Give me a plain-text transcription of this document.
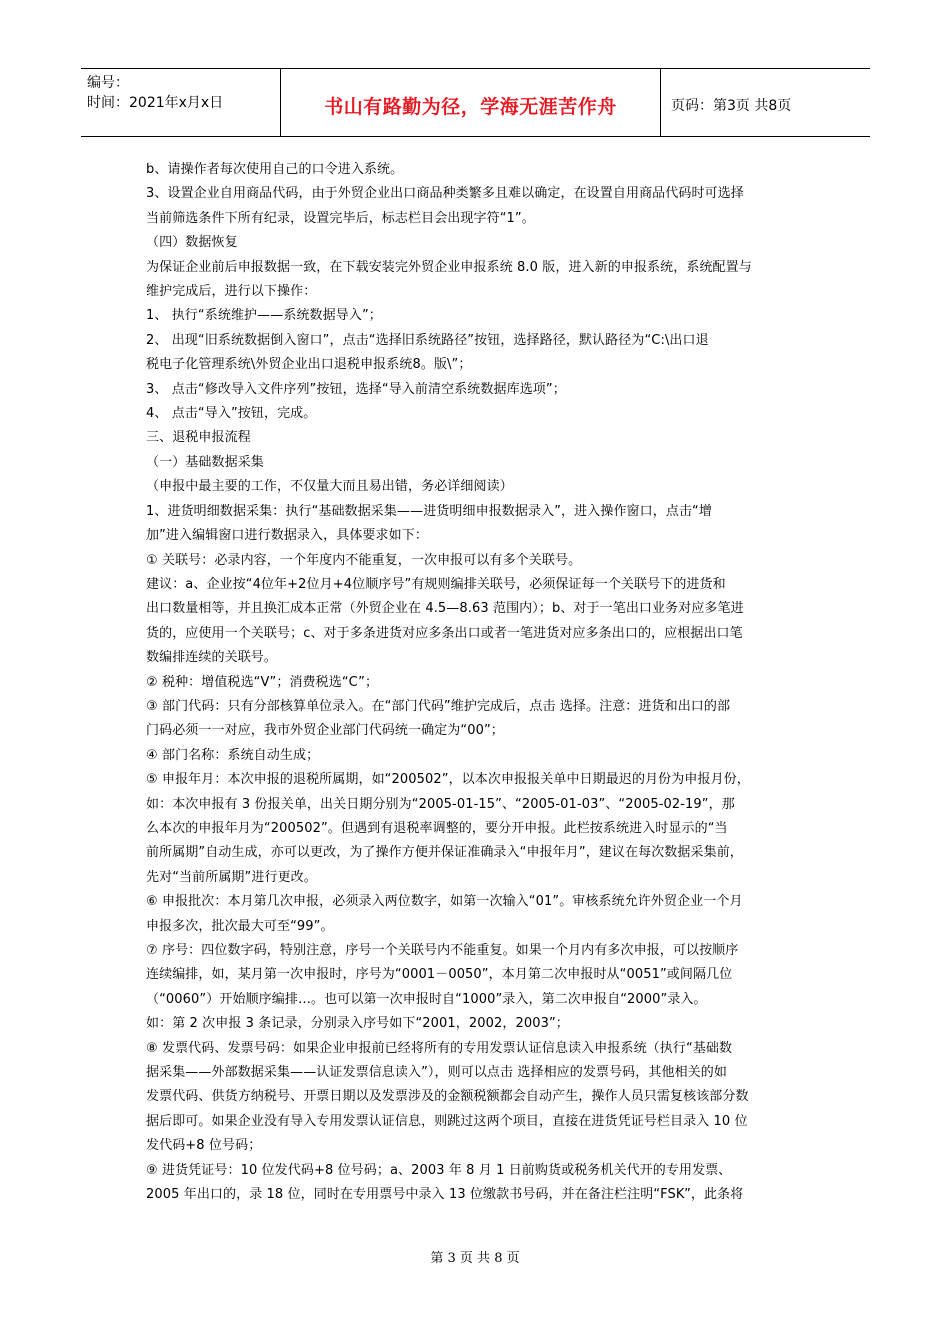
编号：
时间：2021年x月x日	书山有路勤为径，学海无涯苦作舟	页码：第3页 共8页

b、请操作者每次使用自己的口令进入系统。

3、设置企业自用商品代码，由于外贸企业出口商品种类繁多且难以确定，在设置自用商品代码时可选择

当前筛选条件下所有纪录，设置完毕后，标志栏目会出现字符“1”。

（四）数据恢复

为保证企业前后申报数据一致，在下载安装完外贸企业申报系统 8.0 版，进入新的申报系统，系统配置与

维护完成后，进行以下操作：

1、 执行“系统维护——系统数据导入”；

2、 出现“旧系统数据倒入窗口”，点击“选择旧系统路径”按钮，选择路径，默认路径为“C:\出口退

税电子化管理系统\外贸企业出口退税申报系统8。版\”；

3、 点击“修改导入文件序列”按钮，选择“导入前清空系统数据库选项”；

4、 点击“导入”按钮，完成。

三、退税申报流程

（一）基础数据采集

（申报中最主要的工作，不仅量大而且易出错，务必详细阅读）

1、进货明细数据采集：执行“基础数据采集——进货明细申报数据录入”，进入操作窗口，点击“增

加”进入编辑窗口进行数据录入，具体要求如下：

① 关联号：必录内容，一个年度内不能重复，一次申报可以有多个关联号。

建议：a、企业按“4位年+2位月+4位顺序号”有规则编排关联号，必须保证每一个关联号下的进货和

出口数量相等，并且换汇成本正常（外贸企业在 4.5—8.63 范围内）；b、对于一笔出口业务对应多笔进

货的，应使用一个关联号；c、对于多条进货对应多条出口或者一笔进货对应多条出口的，应根据出口笔

数编排连续的关联号。

② 税种：增值税选“V”；消费税选“C”；

③ 部门代码：只有分部核算单位录入。在“部门代码”维护完成后，点击 选择。注意：进货和出口的部

门码必须一一对应，我市外贸企业部门代码统一确定为“00”；

④ 部门名称：系统自动生成；

⑤ 申报年月：本次申报的退税所属期，如“200502”，以本次申报报关单中日期最迟的月份为申报月份，

如：本次申报有 3 份报关单，出关日期分别为“2005-01-15”、“2005-01-03”、“2005-02-19”，那

么本次的申报年月为“200502”。但遇到有退税率调整的，要分开申报。此栏按系统进入时显示的“当

前所属期”自动生成，亦可以更改，为了操作方便并保证准确录入“申报年月”，建议在每次数据采集前，

先对“当前所属期”进行更改。

⑥ 申报批次：本月第几次申报，必须录入两位数字，如第一次输入“01”。审核系统允许外贸企业一个月

申报多次，批次最大可至“99”。

⑦ 序号：四位数字码，特别注意，序号一个关联号内不能重复。如果一个月内有多次申报，可以按顺序

连续编排，如，某月第一次申报时，序号为“0001－0050”，本月第二次申报时从“0051”或间隔几位

（“0060”）开始顺序编排…。也可以第一次申报时自“1000”录入，第二次申报自“2000”录入。

如：第 2 次申报 3 条记录，分别录入序号如下“2001，2002，2003”；

⑧ 发票代码、发票号码：如果企业申报前已经将所有的专用发票认证信息读入申报系统（执行“基础数

据采集——外部数据采集——认证发票信息读入”），则可以点击 选择相应的发票号码，其他相关的如

发票代码、供货方纳税号、开票日期以及发票涉及的金额税额都会自动产生，操作人员只需复核该部分数

据后即可。如果企业没有导入专用发票认证信息，则跳过这两个项目，直接在进货凭证号栏目录入 10 位

发代码+8 位号码；

⑨ 进货凭证号：10 位发代码+8 位号码；a、2003 年 8 月 1 日前购货或税务机关代开的专用发票、

2005 年出口的，录 18 位，同时在专用票号中录入 13 位缴款书号码，并在备注栏注明“FSK”，此条将

第 3 页 共 8 页
